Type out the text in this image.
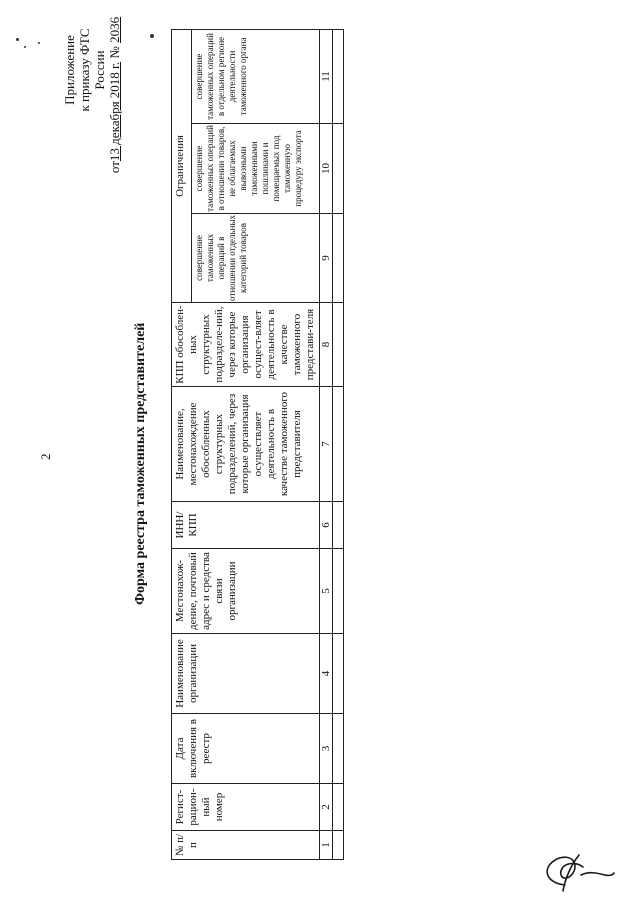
2
Приложение к приказу ФТС России
от13 декабря 2018 г. № 2036
Форма реестра таможенных представителей
№ п/п	Регист-рацион-ный номер	Дата включения в реестр	Наименование организации	Местонахож-дение, почтовый адрес и средства связи организации	ИНН/ КПП	Наименование, местонахождение обособленных структурных подразделений, через которые организация осуществляет деятельность в качестве таможенного представителя	КПП обособлен-ных структурных подразделе-ний, через которые организация осущест-вляет деятельность в качестве таможенного представи-теля	Ограничения		
								совершение таможенных операций в отношении отдельных категорий товаров	совершение таможенных операций в отношении товаров, не облагаемых вывозными таможенными пошлинами и помещаемых под таможенную процедуру экспорта	совершение таможенных операций в отдельном регионе деятельности таможенного органа
1	2	3	4	5	6	7	8	9	10	11
